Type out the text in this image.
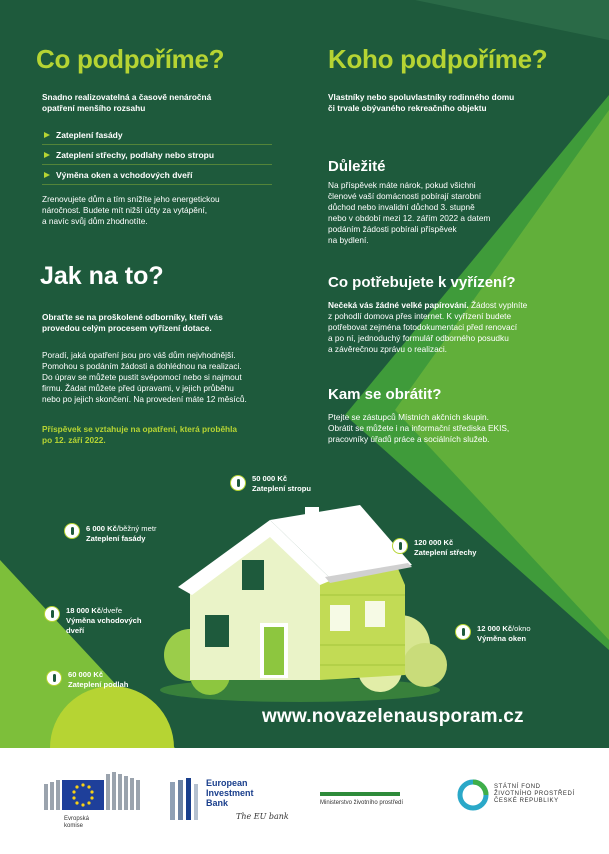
Co podpoříme?
Snadno realizovatelná a časově nenáročná
opatření menšího rozsahu
Zateplení fasády
Zateplení střechy, podlahy nebo stropu
Výměna oken a vchodových dveří
Zrenovujete dům a tím snížíte jeho energetickou
náročnost. Budete mít nižší účty za vytápění,
a navíc svůj dům zhodnotíte.
Jak na to?
Obraťte se na proškolené odborníky, kteří vás
provedou celým procesem vyřízení dotace.
Poradí, jaká opatření jsou pro váš dům nejvhodnější.
Pomohou s podáním žádosti a dohlédnou na realizaci.
Do úprav se můžete pustit svépomocí nebo si najmout
firmu. Žádat můžete před úpravami, v jejich průběhu
nebo po jejich skončení. Na provedení máte 12 měsíců.
Příspěvek se vztahuje na opatření, která proběhla
po 12. září 2022.
Koho podpoříme?
Vlastníky nebo spoluvlastníky rodinného domu
či trvale obývaného rekreačního objektu
Důležité
Na příspěvek máte nárok, pokud všichni
členové vaší domácnosti pobírají starobní
důchod nebo invalidní důchod 3. stupně
nebo v období mezi 12. zářím 2022 a datem
podáním žádosti pobírali příspěvek
na bydlení.
Co potřebujete k vyřízení?
Nečeká vás žádné velké papírování. Žádost vyplníte
z pohodlí domova přes internet. K vyřízení budete
potřebovat zejména fotodokumentaci před renovací
a po ní, jednoduchý formulář odborného posudku
a závěrečnou zprávu o realizaci.
Kam se obrátit?
Ptejte se zástupců Místních akčních skupin.
Obrátit se můžete i na informační střediska EKIS,
pracovníky úřadů práce a sociálních služeb.
50 000 Kč
Zateplení stropu
6 000 Kč/běžný metr
Zateplení fasády	120 000 Kč
Zateplení střechy
18 000 Kč/dveře
Výměna vchodových
dveří	12 000 Kč/okno
Výměna oken
60 000 Kč
Zateplení podlah
www.novazelenausporam.cz
Evropská
komise
European
Investment
Bank
The EU bank
Ministerstvo životního prostředí
STÁTNÍ FOND
ŽIVOTNÍHO PROSTŘEDÍ
ČESKÉ REPUBLIKY
